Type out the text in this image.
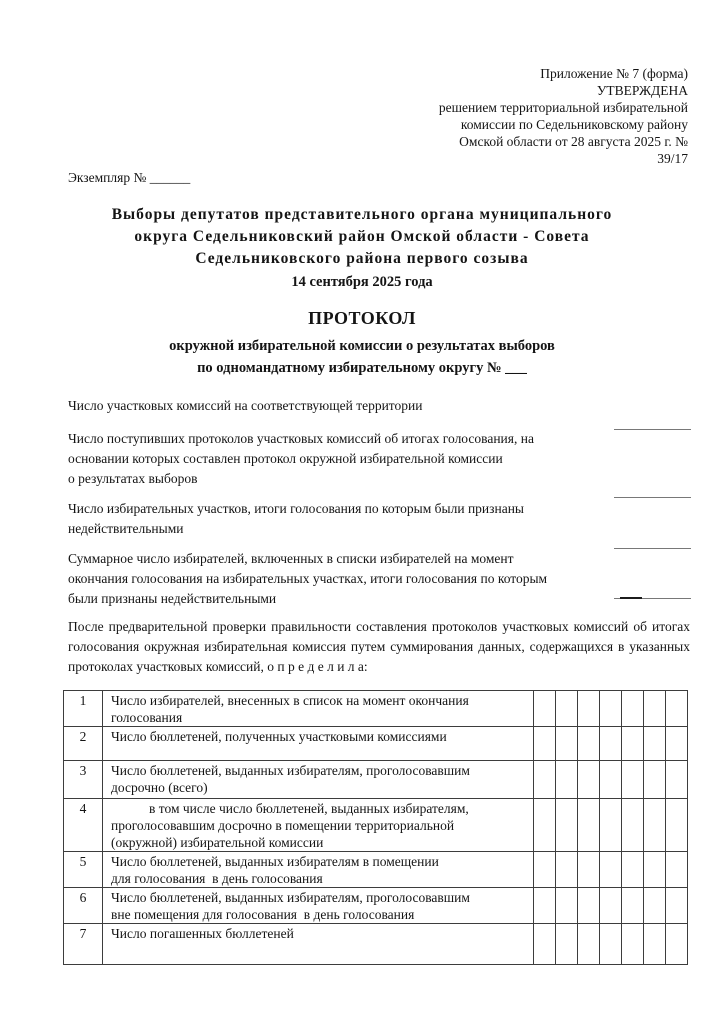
Приложение № 7 (форма)
УТВЕРЖДЕНА
решением территориальной избирательной
комиссии по Седельниковскому району
Омской области от 28 августа 2025 г. №
39/17
Экземпляр № ______
Выборы депутатов представительного органа муниципального
округа Седельниковский район Омской области - Совета
Седельниковского района первого созыва
14 сентября 2025 года
ПРОТОКОЛ
окружной избирательной комиссии о результатах выборов
по одномандатному избирательному округу № ___
Число участковых комиссий на соответствующей территории
Число поступивших протоколов участковых комиссий об итогах голосования, на
основании которых составлен протокол окружной избирательной комиссии
о результатах выборов
Число избирательных участков, итоги голосования по которым были признаны
недействительными
Суммарное число избирателей, включенных в списки избирателей на момент
окончания голосования на избирательных участках, итоги голосования по которым
были признаны недействительными
После предварительной проверки правильности составления протоколов участковых комиссий об итогах голосования окружная избирательная комиссия путем суммирования данных, содержащихся в указанных протоколах участковых комиссий, о п р е д е л и л а:
1	Число избирателей, внесенных в список на момент окончания
голосования							
2	Число бюллетеней, полученных участковыми комиссиями							
3	Число бюллетеней, выданных избирателям, проголосовавшим
досрочно (всего)							
4	в том числе число бюллетеней, выданных избирателям,
проголосовавшим досрочно в помещении территориальной
(окружной) избирательной комиссии							
5	Число бюллетеней, выданных избирателям в помещении
для голосования  в день голосования							
6	Число бюллетеней, выданных избирателям, проголосовавшим
вне помещения для голосования  в день голосования							
7	Число погашенных бюллетеней							
